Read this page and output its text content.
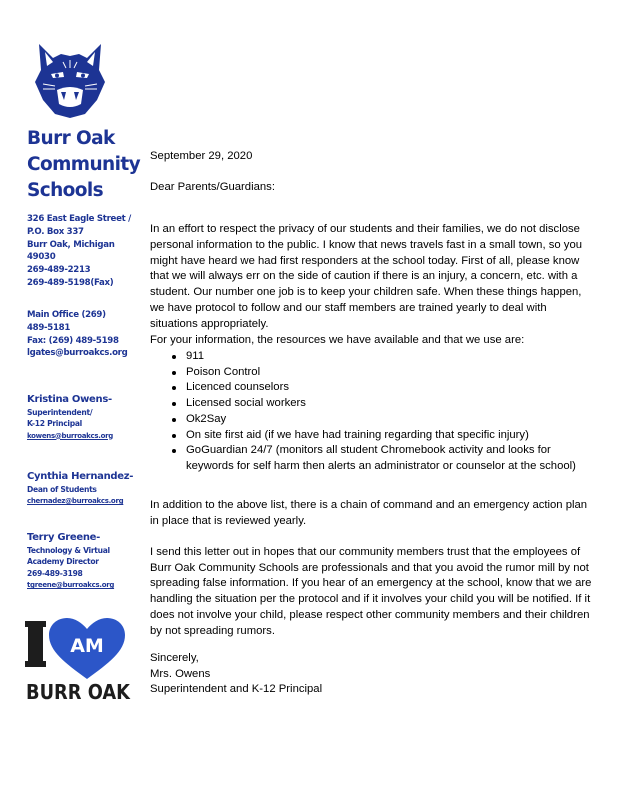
Burr Oak
Community
Schools
326 East Eagle Street /
P.O. Box 337
Burr Oak, Michigan
49030
269-489-2213
269-489-5198(Fax)
Main Office (269)
489-5181
Fax: (269) 489-5198
lgates@burroakcs.org
Kristina Owens-
Superintendent/
K-12 Principal
kowens@burroakcs.org
Cynthia Hernandez-
Dean of Students
chernadez@burroakcs.org
Terry Greene-
Technology & Virtual
Academy Director
269-489-3198
tgreene@burroakcs.org
AM
BURR OAK
September 29, 2020
Dear Parents/Guardians:

In an effort to respect the privacy of our students and their families, we do not disclose personal information to the public. I know that news travels fast in a small town, so you might have heard we had first responders at the school today. First of all, please know that we will always err on the side of caution if there is an injury, a concern, etc. with a student. Our number one job is to keep your children safe. When these things happen, we have protocol to follow and our staff members are trained yearly to deal with situations appropriately.

For your information, the resources we have available and that we use are:

911
Poison Control
Licenced counselors
Licensed social workers
Ok2Say
On site first aid (if we have had training regarding that specific injury)
GoGuardian 24/7 (monitors all student Chromebook activity and looks for keywords for self harm then alerts an administrator or counselor at the school)

In addition to the above list, there is a chain of command and an emergency action plan in place that is reviewed yearly.

I send this letter out in hopes that our community members trust that the employees of Burr Oak Community Schools are professionals and that you avoid the rumor mill by not spreading false information. If you hear of an emergency at the school, know that we are handling the situation per the protocol and if it involves your child you will be notified. If it does not involve your child, please respect other community members and their children by not spreading rumors.

Sincerely,
Mrs. Owens
Superintendent and K-12 Principal
